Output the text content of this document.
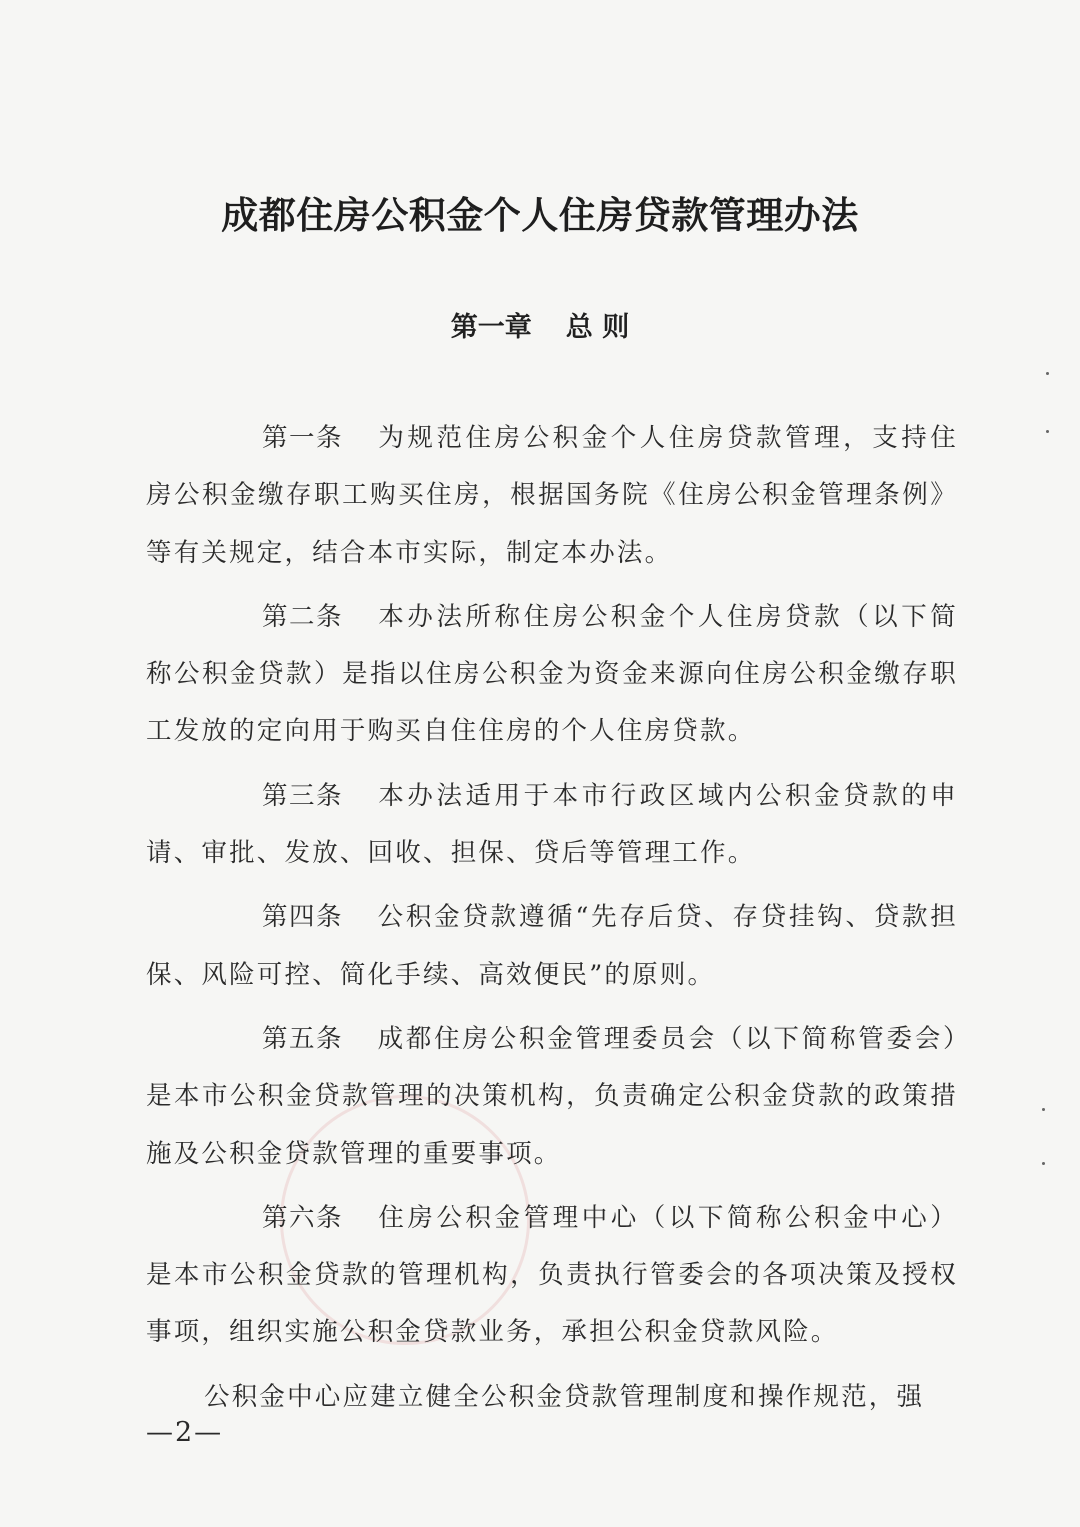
成都住房公积金个人住房贷款管理办法
第一章 总 则

第一条 为规范住房公积金个人住房贷款管理，支持住房公积金缴存职工购买住房，根据国务院《住房公积金管理条例》等有关规定，结合本市实际，制定本办法。

第二条 本办法所称住房公积金个人住房贷款（以下简称公积金贷款）是指以住房公积金为资金来源向住房公积金缴存职工发放的定向用于购买自住住房的个人住房贷款。

第三条 本办法适用于本市行政区域内公积金贷款的申请、审批、发放、回收、担保、贷后等管理工作。

第四条 公积金贷款遵循“先存后贷、存贷挂钩、贷款担保、风险可控、简化手续、高效便民”的原则。

第五条 成都住房公积金管理委员会（以下简称管委会）是本市公积金贷款管理的决策机构，负责确定公积金贷款的政策措施及公积金贷款管理的重要事项。

第六条 住房公积金管理中心（以下简称公积金中心）是本市公积金贷款的管理机构，负责执行管委会的各项决策及授权事项，组织实施公积金贷款业务，承担公积金贷款风险。

公积金中心应建立健全公积金贷款管理制度和操作规范，强

—2—
